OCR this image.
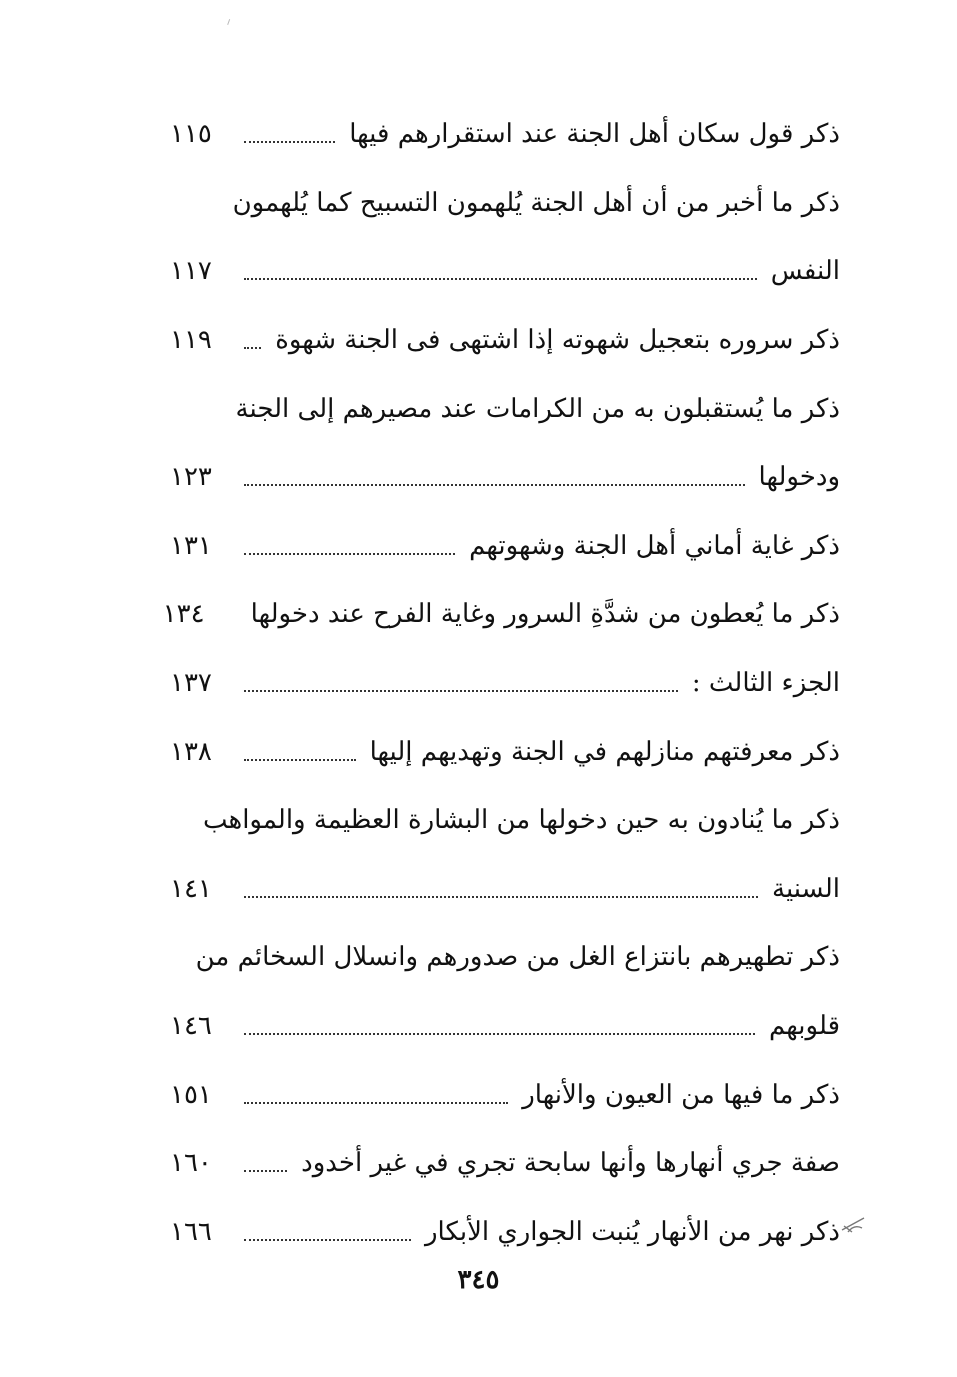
ذكر قول سكان أهل الجنة عند استقرارهم فيها
١١٥
ذكر ما أخبر من أن أهل الجنة يُلهمون التسبيح كما يُلهمون
النفس
١١٧
ذكر سروره بتعجيل شهوته إذا اشتهى فى الجنة شهوة
١١٩
ذكر ما يُستقبلون به من الكرامات عند مصيرهم إلى الجنة
ودخولها
١٢٣
ذكر غاية أماني أهل الجنة وشهوتهم
١٣١
ذكر ما يُعطون من شدَّةِ السرور وغاية الفرح عند دخولها
١٣٤
الجزء الثالث :
١٣٧
ذكر معرفتهم منازلهم في الجنة وتهديهم إليها
١٣٨
ذكر ما يُنادون به حين دخولها من البشارة العظيمة والمواهب
السنية
١٤١
ذكر تطهيرهم بانتزاع الغل من صدورهم وانسلال السخائم من
قلوبهم
١٤٦
ذكر ما فيها من العيون والأنهار
١٥١
صفة جري أنهارها وأنها سابحة تجري في غير أخدود
١٦٠
ذكر نهر من الأنهار يُنبت الجواري الأبكار
١٦٦
٣٤٥
